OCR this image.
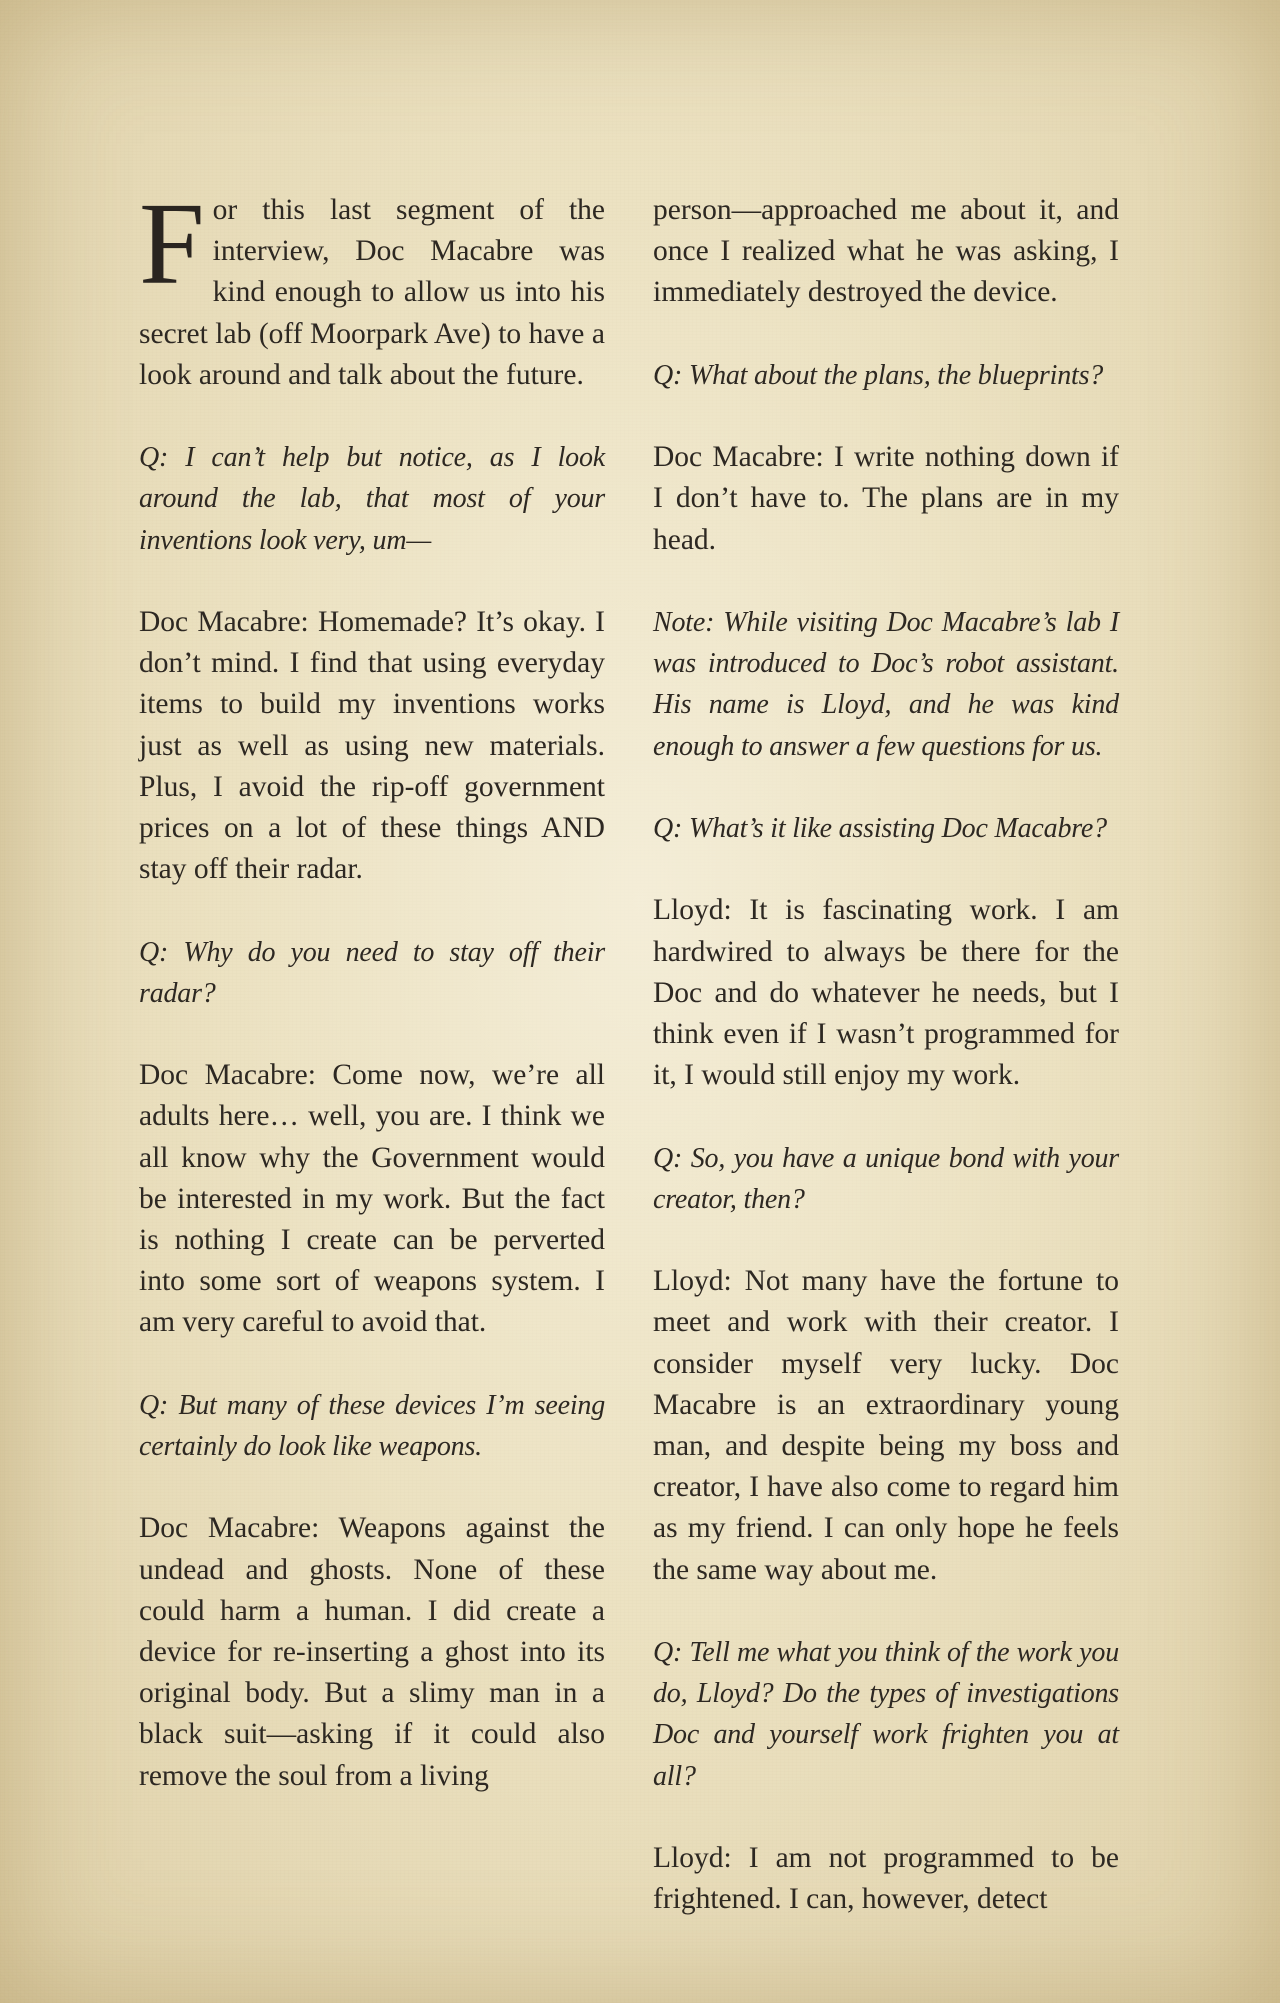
For this last segment of the interview, Doc Macabre was kind enough to allow us into his secret lab (off Moorpark Ave) to have a look around and talk about the future.

Q: I can’t help but notice, as I look around the lab, that most of your inventions look very, um—

Doc Macabre: Homemade? It’s okay. I don’t mind. I find that using everyday items to build my inventions works just as well as using new materials. Plus, I avoid the rip-off government prices on a lot of these things AND stay off their radar.

Q: Why do you need to stay off their radar?

Doc Macabre: Come now, we’re all adults here… well, you are. I think we all know why the Government would be interested in my work. But the fact is nothing I create can be perverted into some sort of weapons system. I am very careful to avoid that.

Q: But many of these devices I’m seeing certainly do look like weapons.

Doc Macabre: Weapons against the undead and ghosts. None of these could harm a human. I did create a device for re-inserting a ghost into its original body. But a slimy man in a black suit—asking if it could also remove the soul from a living

person—approached me about it, and once I realized what he was asking, I immediately destroyed the device.

Q: What about the plans, the blueprints?

Doc Macabre: I write nothing down if I don’t have to. The plans are in my head.

Note: While visiting Doc Macabre’s lab I was introduced to Doc’s robot assistant. His name is Lloyd, and he was kind enough to answer a few questions for us.

Q: What’s it like assisting Doc Macabre?

Lloyd: It is fascinating work. I am hardwired to always be there for the Doc and do whatever he needs, but I think even if I wasn’t programmed for it, I would still enjoy my work.

Q: So, you have a unique bond with your creator, then?

Lloyd: Not many have the fortune to meet and work with their creator. I consider myself very lucky. Doc Macabre is an extraordinary young man, and despite being my boss and creator, I have also come to regard him as my friend. I can only hope he feels the same way about me.

Q: Tell me what you think of the work you do, Lloyd? Do the types of investigations Doc and yourself work frighten you at all?

Lloyd: I am not programmed to be frightened. I can, however, detect
